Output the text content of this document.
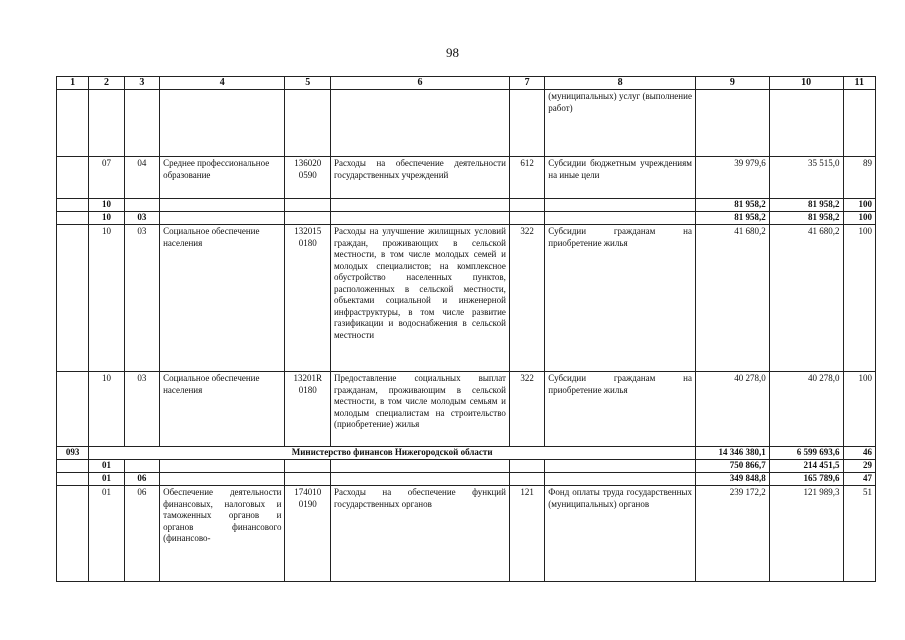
98
1	2	3	4	5	6	7	8	9	10	11
							(муниципальных) услуг (выполнение работ)			
	07	04	Среднее профессиональное образование	136020 0590	Расходы на обеспечение деятельности государственных учреждений	612	Субсидии бюджетным учреждениям на иные цели	39 979,6	35 515,0	89
	10							81 958,2	81 958,2	100
	10	03						81 958,2	81 958,2	100
	10	03	Социальное обеспечение населения	132015 0180	Расходы на улучшение жилищных условий граждан, проживающих в сельской местности, в том числе молодых семей и молодых специалистов; на комплексное обустройство населенных пунктов, расположенных в сельской местности, объектами социальной и инженерной инфраструктуры, в том числе развитие газификации и водоснабжения в сельской местности	322	Субсидии гражданам на приобретение жилья	41 680,2	41 680,2	100
	10	03	Социальное обеспечение населения	13201R 0180	Предоставление социальных выплат гражданам, проживающим в сельской местности, в том числе молодым семьям и молодым специалистам на строительство (приобретение) жилья	322	Субсидии гражданам на приобретение жилья	40 278,0	40 278,0	100
093	Министерство финансов Нижегородской области							14 346 380,1	6 599 693,6	46
	01							750 866,7	214 451,5	29
	01	06						349 848,8	165 789,6	47
	01	06	Обеспечение деятельности финансовых, налоговых и таможенных органов и органов финансового (финансово-	174010 0190	Расходы на обеспечение функций государственных органов	121	Фонд оплаты труда государственных (муниципальных) органов	239 172,2	121 989,3	51
